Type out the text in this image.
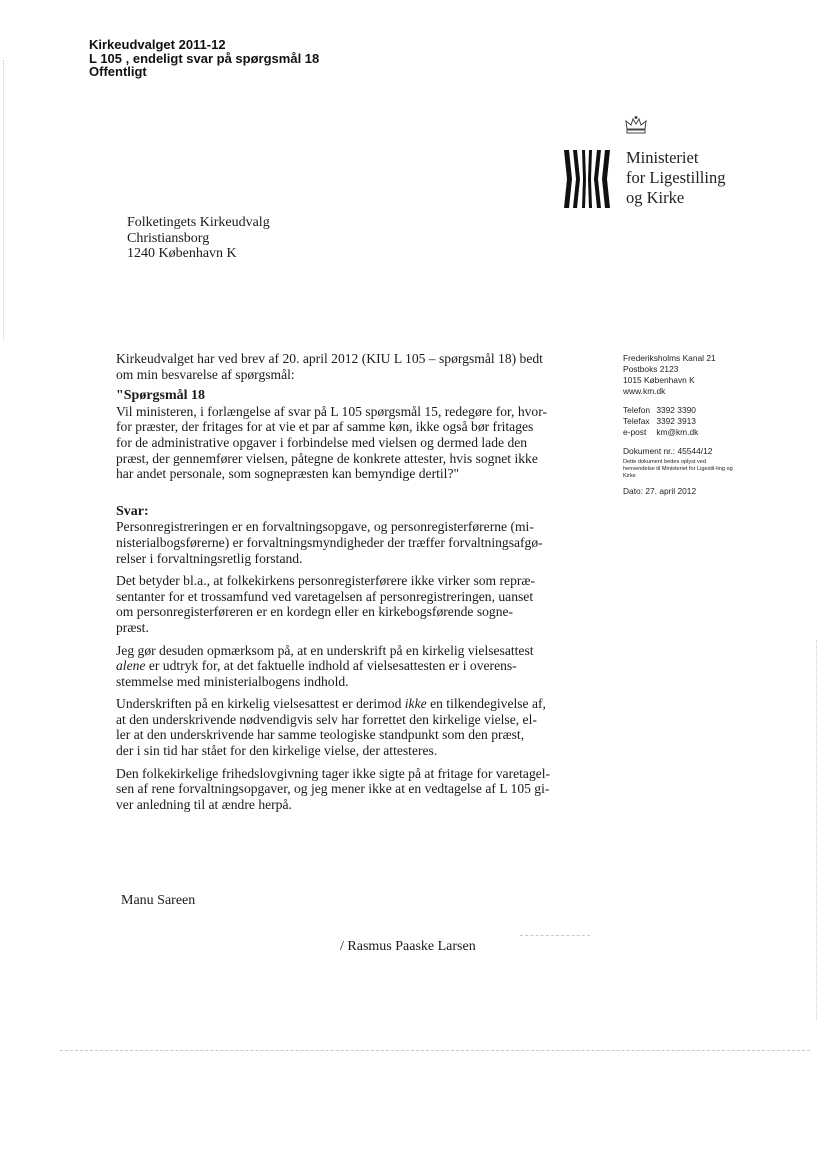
Kirkeudvalget 2011-12
L 105 , endeligt svar på spørgsmål 18
Offentligt
Ministeriet
for Ligestilling
og Kirke
Folketingets Kirkeudvalg
Christiansborg
1240 København K

Kirkeudvalget har ved brev af 20. april 2012 (KIU L 105 – spørgsmål 18) bedt
om min besvarelse af spørgsmål:

"Spørgsmål 18
Vil ministeren, i forlængelse af svar på L 105 spørgsmål 15, redegøre for, hvor-
for præster, der fritages for at vie et par af samme køn, ikke også bør fritages
for de administrative opgaver i forbindelse med vielsen og dermed lade den
præst, der gennemfører vielsen, påtegne de konkrete attester, hvis sognet ikke
har andet personale, som sognepræsten kan bemyndige dertil?"

Svar:

Personregistreringen er en forvaltningsopgave, og personregisterførerne (mi-
nisterialbogsførerne) er forvaltningsmyndigheder der træffer forvaltningsafgø-
relser i forvaltningsretlig forstand.

Det betyder bl.a., at folkekirkens personregisterførere ikke virker som repræ-
sentanter for et trossamfund ved varetagelsen af personregistreringen, uanset
om personregisterføreren er en kordegn eller en kirkebogsførende sogne-
præst.

Jeg gør desuden opmærksom på, at en underskrift på en kirkelig vielsesattest
alene er udtryk for, at det faktuelle indhold af vielsesattesten er i overens-
stemmelse med ministerialbogens indhold.

Underskriften på en kirkelig vielsesattest er derimod ikke en tilkendegivelse af,
at den underskrivende nødvendigvis selv har forrettet den kirkelige vielse, el-
ler at den underskrivende har samme teologiske standpunkt som den præst,
der i sin tid har stået for den kirkelige vielse, der attesteres.

Den folkekirkelige frihedslovgivning tager ikke sigte på at fritage for varetagel-
sen af rene forvaltningsopgaver, og jeg mener ikke at en vedtagelse af L 105 gi-
ver anledning til at ændre herpå.

Frederiksholms Kanal 21
Postboks 2123
1015 København K
www.km.dk
Telefon 3392 3390
Telefax 3392 3913
e-post km@km.dk
Dokument nr.: 45544/12
Dette dokument bedes oplyst ved henvendelse til Ministeriet for Ligestil-ling og Kirke
Dato: 27. april 2012
Manu Sareen
/ Rasmus Paaske Larsen
